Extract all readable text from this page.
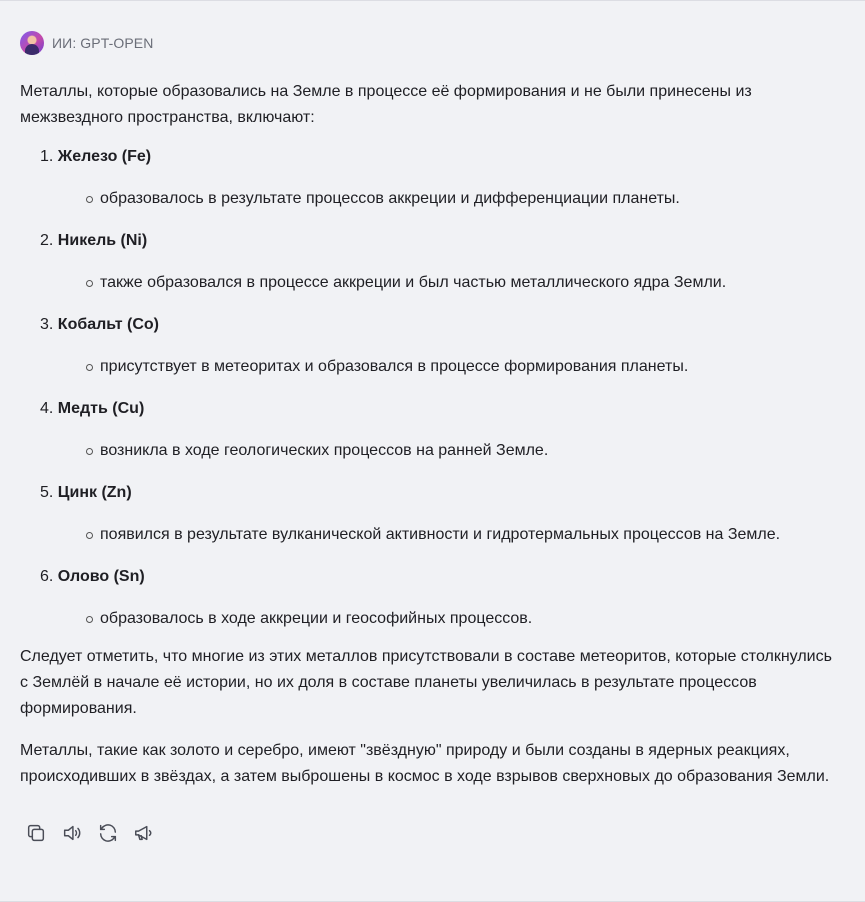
ИИ: GPT-OPEN

Металлы, которые образовались на Земле в процессе её формирования и не были принесены из межзвездного пространства, включают:

1. Железо (Fe)
образовалось в результате процессов аккреции и дифференциации планеты.
2. Никель (Ni)
также образовался в процессе аккреции и был частью металлического ядра Земли.
3. Кобальт (Co)
присутствует в метеоритах и образовался в процессе формирования планеты.
4. Медть (Cu)
возникла в ходе геологических процессов на ранней Земле.
5. Цинк (Zn)
появился в результате вулканической активности и гидротермальных процессов на Земле.
6. Олово (Sn)
образовалось в ходе аккреции и геософийных процессов.

Следует отметить, что многие из этих металлов присутствовали в составе метеоритов, которые столкнулись с Землёй в начале её истории, но их доля в составе планеты увеличилась в результате процессов формирования.

Металлы, такие как золото и серебро, имеют "звёздную" природу и были созданы в ядерных реакциях, происходивших в звёздах, а затем выброшены в космос в ходе взрывов сверхновых до образования Земли.
